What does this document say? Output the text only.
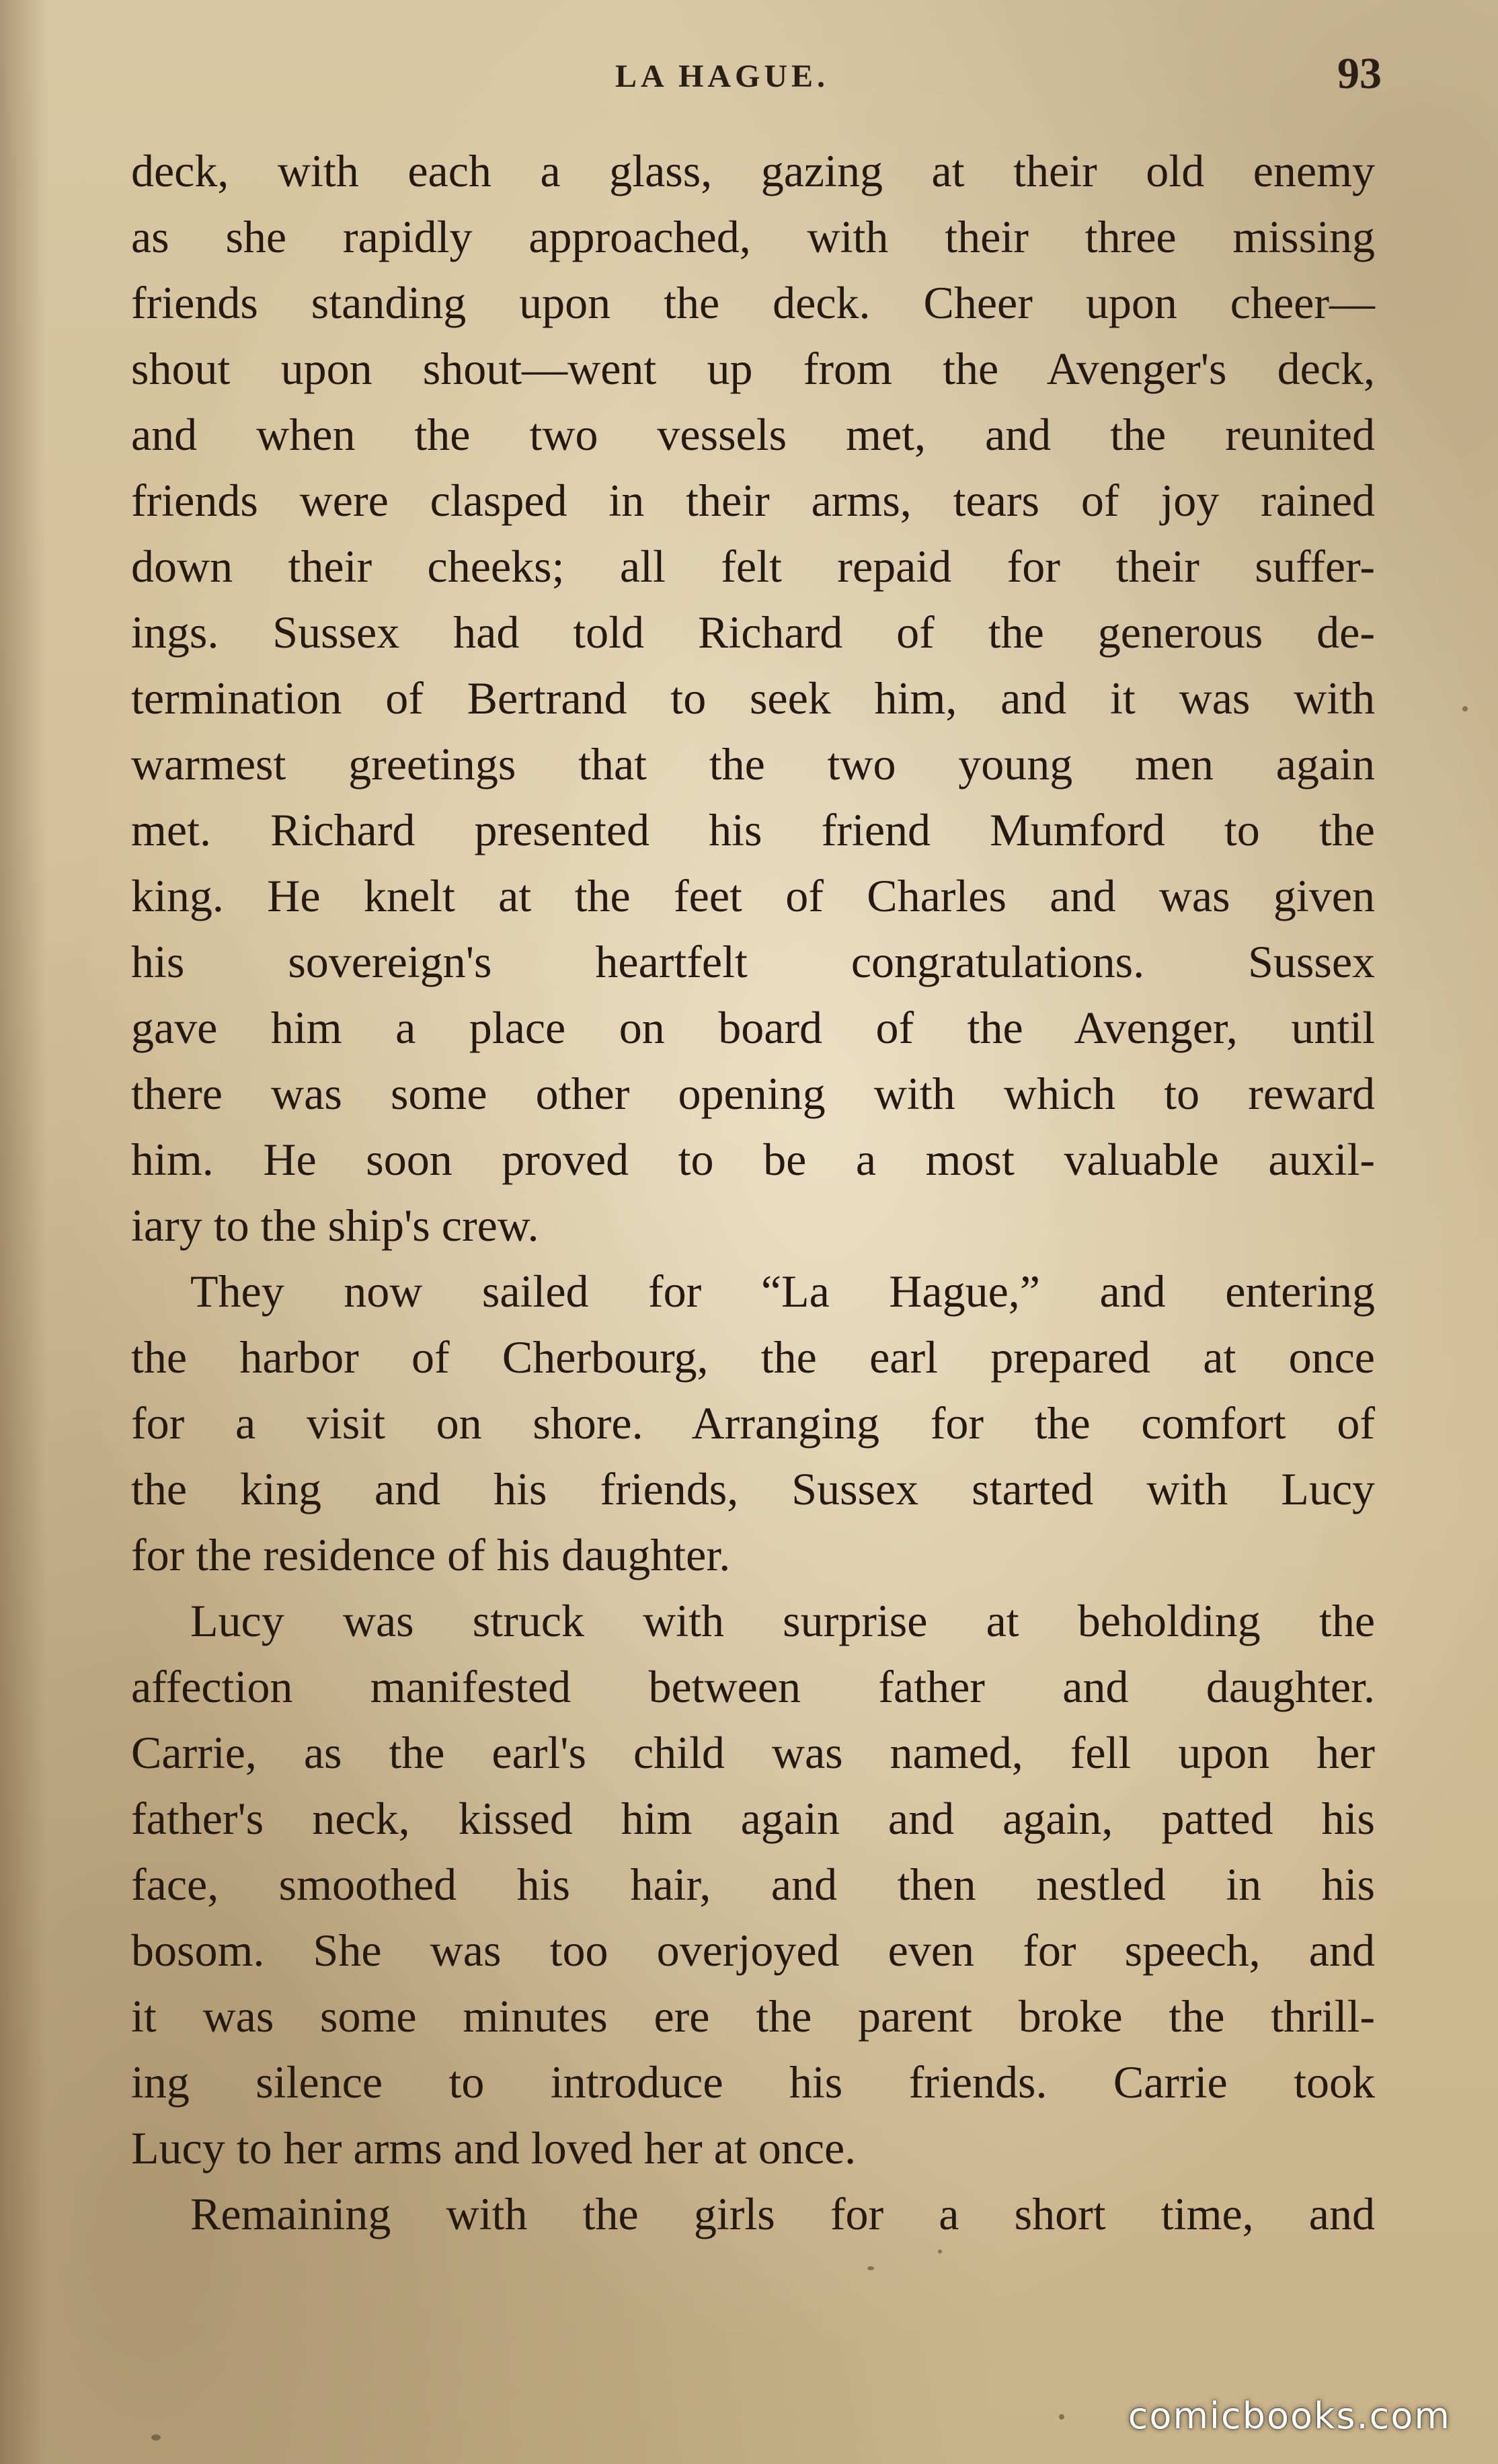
LA HAGUE.	93

deck, with each a glass, gazing at their old enemy
as she rapidly approached, with their three missing
friends standing upon the deck. Cheer upon cheer—
shout upon shout—went up from the Avenger's deck,
and when the two vessels met, and the reunited
friends were clasped in their arms, tears of joy rained
down their cheeks; all felt repaid for their suffer-
ings. Sussex had told Richard of the generous de-
termination of Bertrand to seek him, and it was with
warmest greetings that the two young men again
met. Richard presented his friend Mumford to the
king. He knelt at the feet of Charles and was given
his sovereign's heartfelt congratulations. Sussex
gave him a place on board of the Avenger, until
there was some other opening with which to reward
him. He soon proved to be a most valuable auxil-
iary to the ship's crew.

They now sailed for “La Hague,” and entering
the harbor of Cherbourg, the earl prepared at once
for a visit on shore. Arranging for the comfort of
the king and his friends, Sussex started with Lucy
for the residence of his daughter.

Lucy was struck with surprise at beholding the
affection manifested between father and daughter.
Carrie, as the earl's child was named, fell upon her
father's neck, kissed him again and again, patted his
face, smoothed his hair, and then nestled in his
bosom. She was too overjoyed even for speech, and
it was some minutes ere the parent broke the thrill-
ing silence to introduce his friends. Carrie took
Lucy to her arms and loved her at once.

Remaining with the girls for a short time, and

comicbooks.com
